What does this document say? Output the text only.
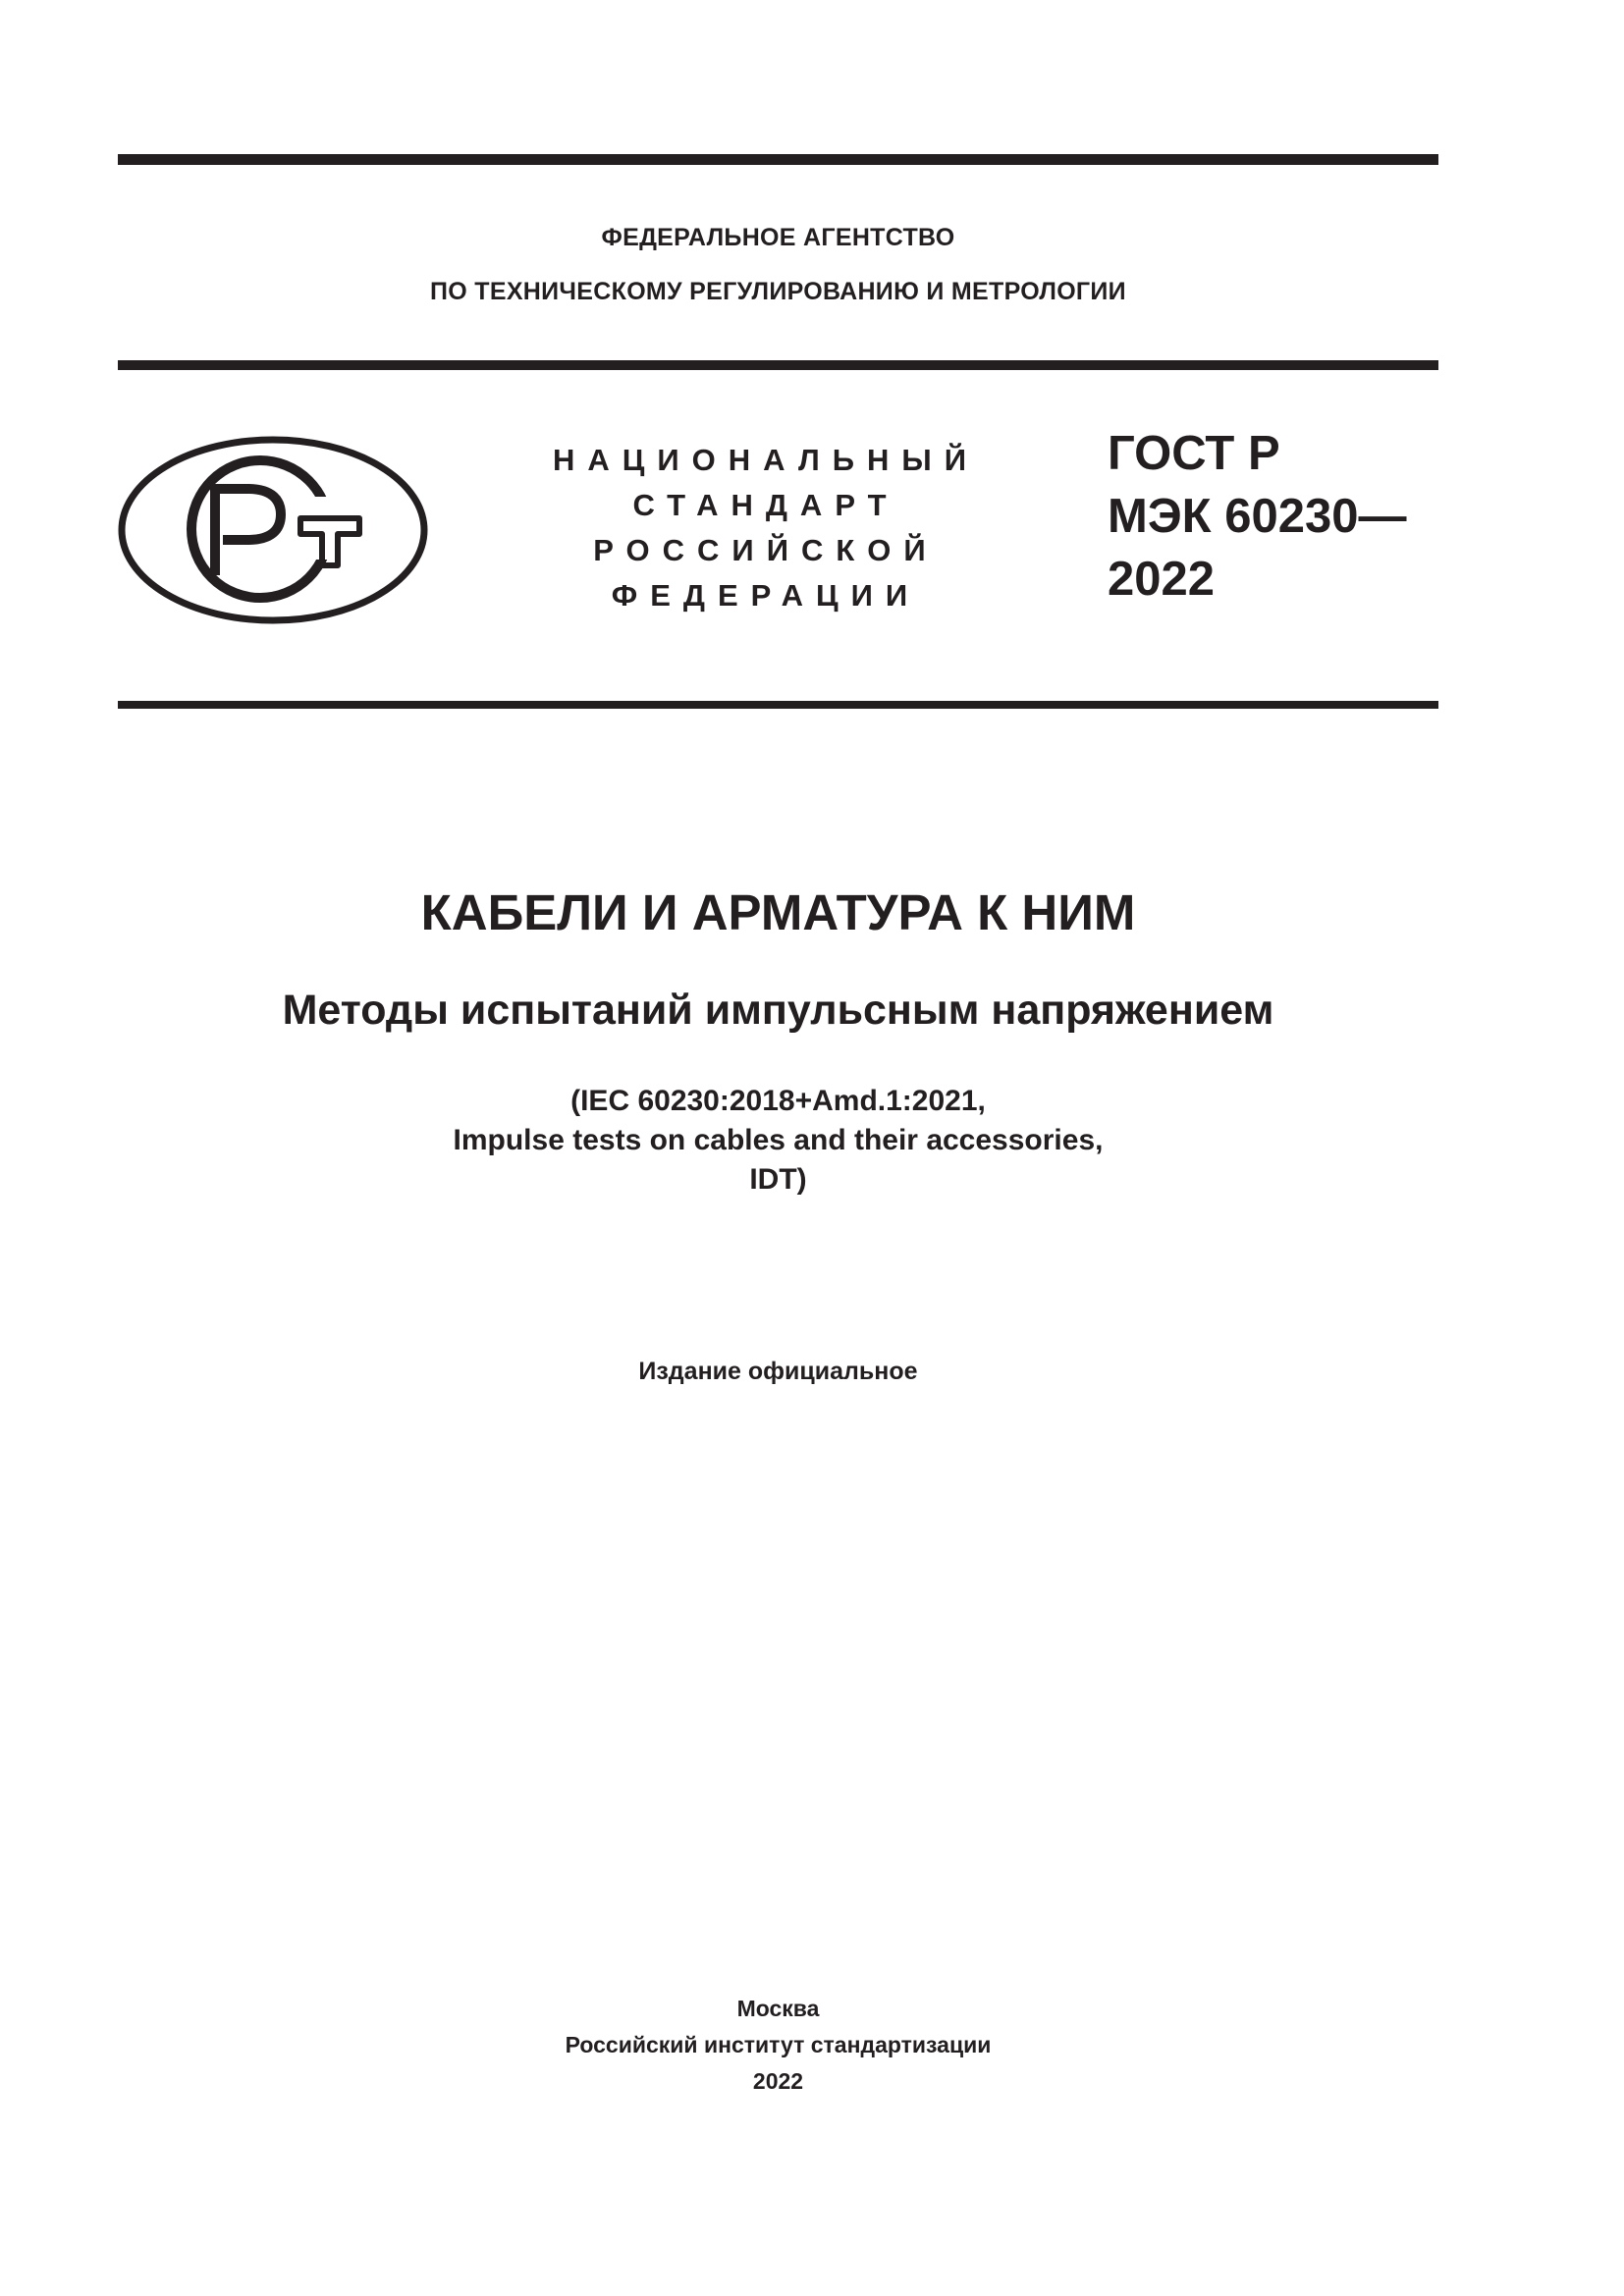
ФЕДЕРАЛЬНОЕ АГЕНТСТВО
ПО ТЕХНИЧЕСКОМУ РЕГУЛИРОВАНИЮ И МЕТРОЛОГИИ
НАЦИОНАЛЬНЫЙ
СТАНДАРТ
РОССИЙСКОЙ
ФЕДЕРАЦИИ
ГОСТ Р
МЭК 60230—
2022
КАБЕЛИ И АРМАТУРА К НИМ
Методы испытаний импульсным напряжением
(IEC 60230:2018+Amd.1:2021,
Impulse tests on cables and their accessories,
IDT)
Издание официальное
Москва
Российский институт стандартизации
2022
